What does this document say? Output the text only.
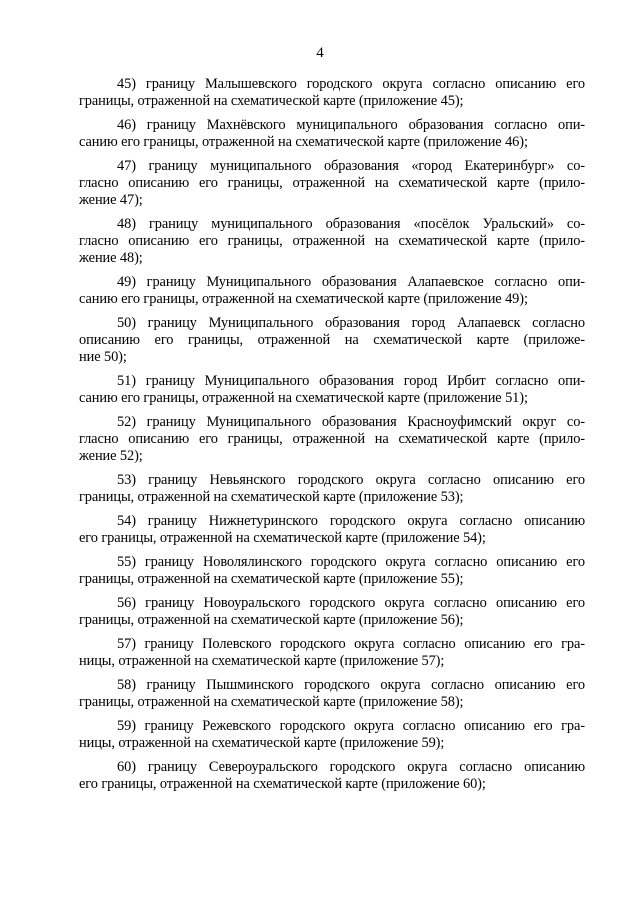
4
45) границу Малышевского городского округа согласно описанию его
границы, отраженной на схематической карте (приложение 45);
46) границу Махнёвского муниципального образования согласно опи-
санию его границы, отраженной на схематической карте (приложение 46);
47) границу муниципального образования «город Екатеринбург» со-
гласно описанию его границы, отраженной на схематической карте (прило-
жение 47);
48) границу муниципального образования «посёлок Уральский» со-
гласно описанию его границы, отраженной на схематической карте (прило-
жение 48);
49) границу Муниципального образования Алапаевское согласно опи-
санию его границы, отраженной на схематической карте (приложение 49);
50) границу Муниципального образования город Алапаевск согласно
описанию его границы, отраженной на схематической карте (приложе-
ние 50);
51) границу Муниципального образования город Ирбит согласно опи-
санию его границы, отраженной на схематической карте (приложение 51);
52) границу Муниципального образования Красноуфимский округ со-
гласно описанию его границы, отраженной на схематической карте (прило-
жение 52);
53) границу Невьянского городского округа согласно описанию его
границы, отраженной на схематической карте (приложение 53);
54) границу Нижнетуринского городского округа согласно описанию
его границы, отраженной на схематической карте (приложение 54);
55) границу Новолялинского городского округа согласно описанию его
границы, отраженной на схематической карте (приложение 55);
56) границу Новоуральского городского округа согласно описанию его
границы, отраженной на схематической карте (приложение 56);
57) границу Полевского городского округа согласно описанию его гра-
ницы, отраженной на схематической карте (приложение 57);
58) границу Пышминского городского округа согласно описанию его
границы, отраженной на схематической карте (приложение 58);
59) границу Режевского городского округа согласно описанию его гра-
ницы, отраженной на схематической карте (приложение 59);
60) границу Североуральского городского округа согласно описанию
его границы, отраженной на схематической карте (приложение 60);
